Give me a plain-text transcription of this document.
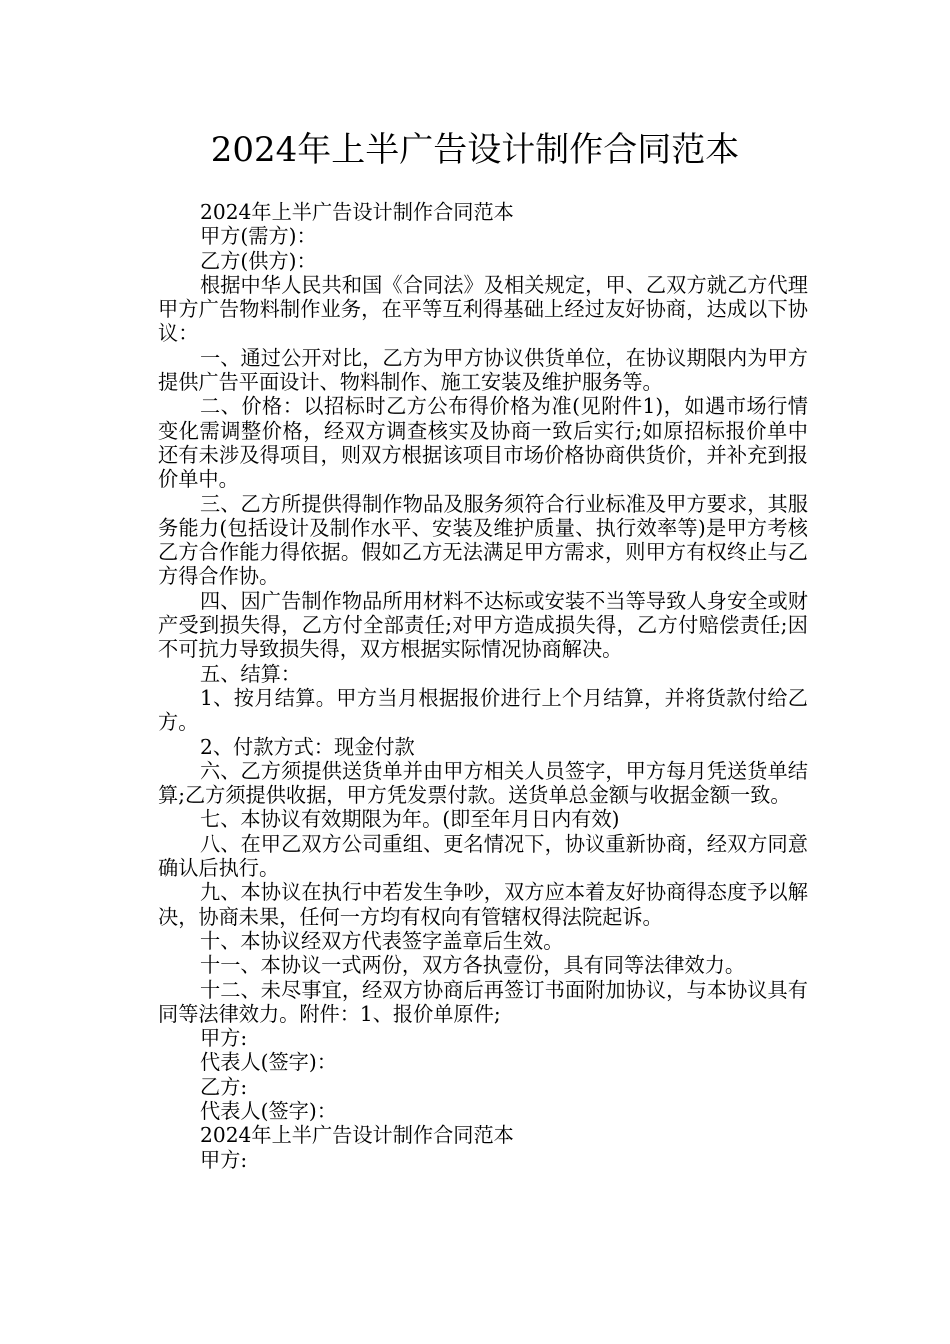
2024年上半广告设计制作合同范本

2024年上半广告设计制作合同范本

甲方(需方)：

乙方(供方)：

根据中华人民共和国《合同法》及相关规定，甲、乙双方就乙方代理甲方广告物料制作业务，在平等互利得基础上经过友好协商，达成以下协议：

一、通过公开对比，乙方为甲方协议供货单位，在协议期限内为甲方提供广告平面设计、物料制作、施工安装及维护服务等。

二、价格：以招标时乙方公布得价格为准(见附件1)，如遇市场行情变化需调整价格，经双方调查核实及协商一致后实行;如原招标报价单中还有未涉及得项目，则双方根据该项目市场价格协商供货价，并补充到报价单中。

三、乙方所提供得制作物品及服务须符合行业标准及甲方要求，其服务能力(包括设计及制作水平、安装及维护质量、执行效率等)是甲方考核乙方合作能力得依据。假如乙方无法满足甲方需求，则甲方有权终止与乙方得合作协。

四、因广告制作物品所用材料不达标或安装不当等导致人身安全或财产受到损失得，乙方付全部责任;对甲方造成损失得，乙方付赔偿责任;因不可抗力导致损失得，双方根据实际情况协商解决。

五、结算：

1、按月结算。甲方当月根据报价进行上个月结算，并将货款付给乙方。

2、付款方式：现金付款

六、乙方须提供送货单并由甲方相关人员签字，甲方每月凭送货单结算;乙方须提供收据，甲方凭发票付款。送货单总金额与收据金额一致。

七、本协议有效期限为年。(即至年月日内有效)

八、在甲乙双方公司重组、更名情况下，协议重新协商，经双方同意确认后执行。

九、本协议在执行中若发生争吵，双方应本着友好协商得态度予以解决，协商未果，任何一方均有权向有管辖权得法院起诉。

十、本协议经双方代表签字盖章后生效。

十一、本协议一式两份，双方各执壹份，具有同等法律效力。

十二、未尽事宜，经双方协商后再签订书面附加协议，与本协议具有同等法律效力。附件：1、报价单原件;

甲方:

代表人(签字)：

乙方:

代表人(签字)：

2024年上半广告设计制作合同范本

甲方:
